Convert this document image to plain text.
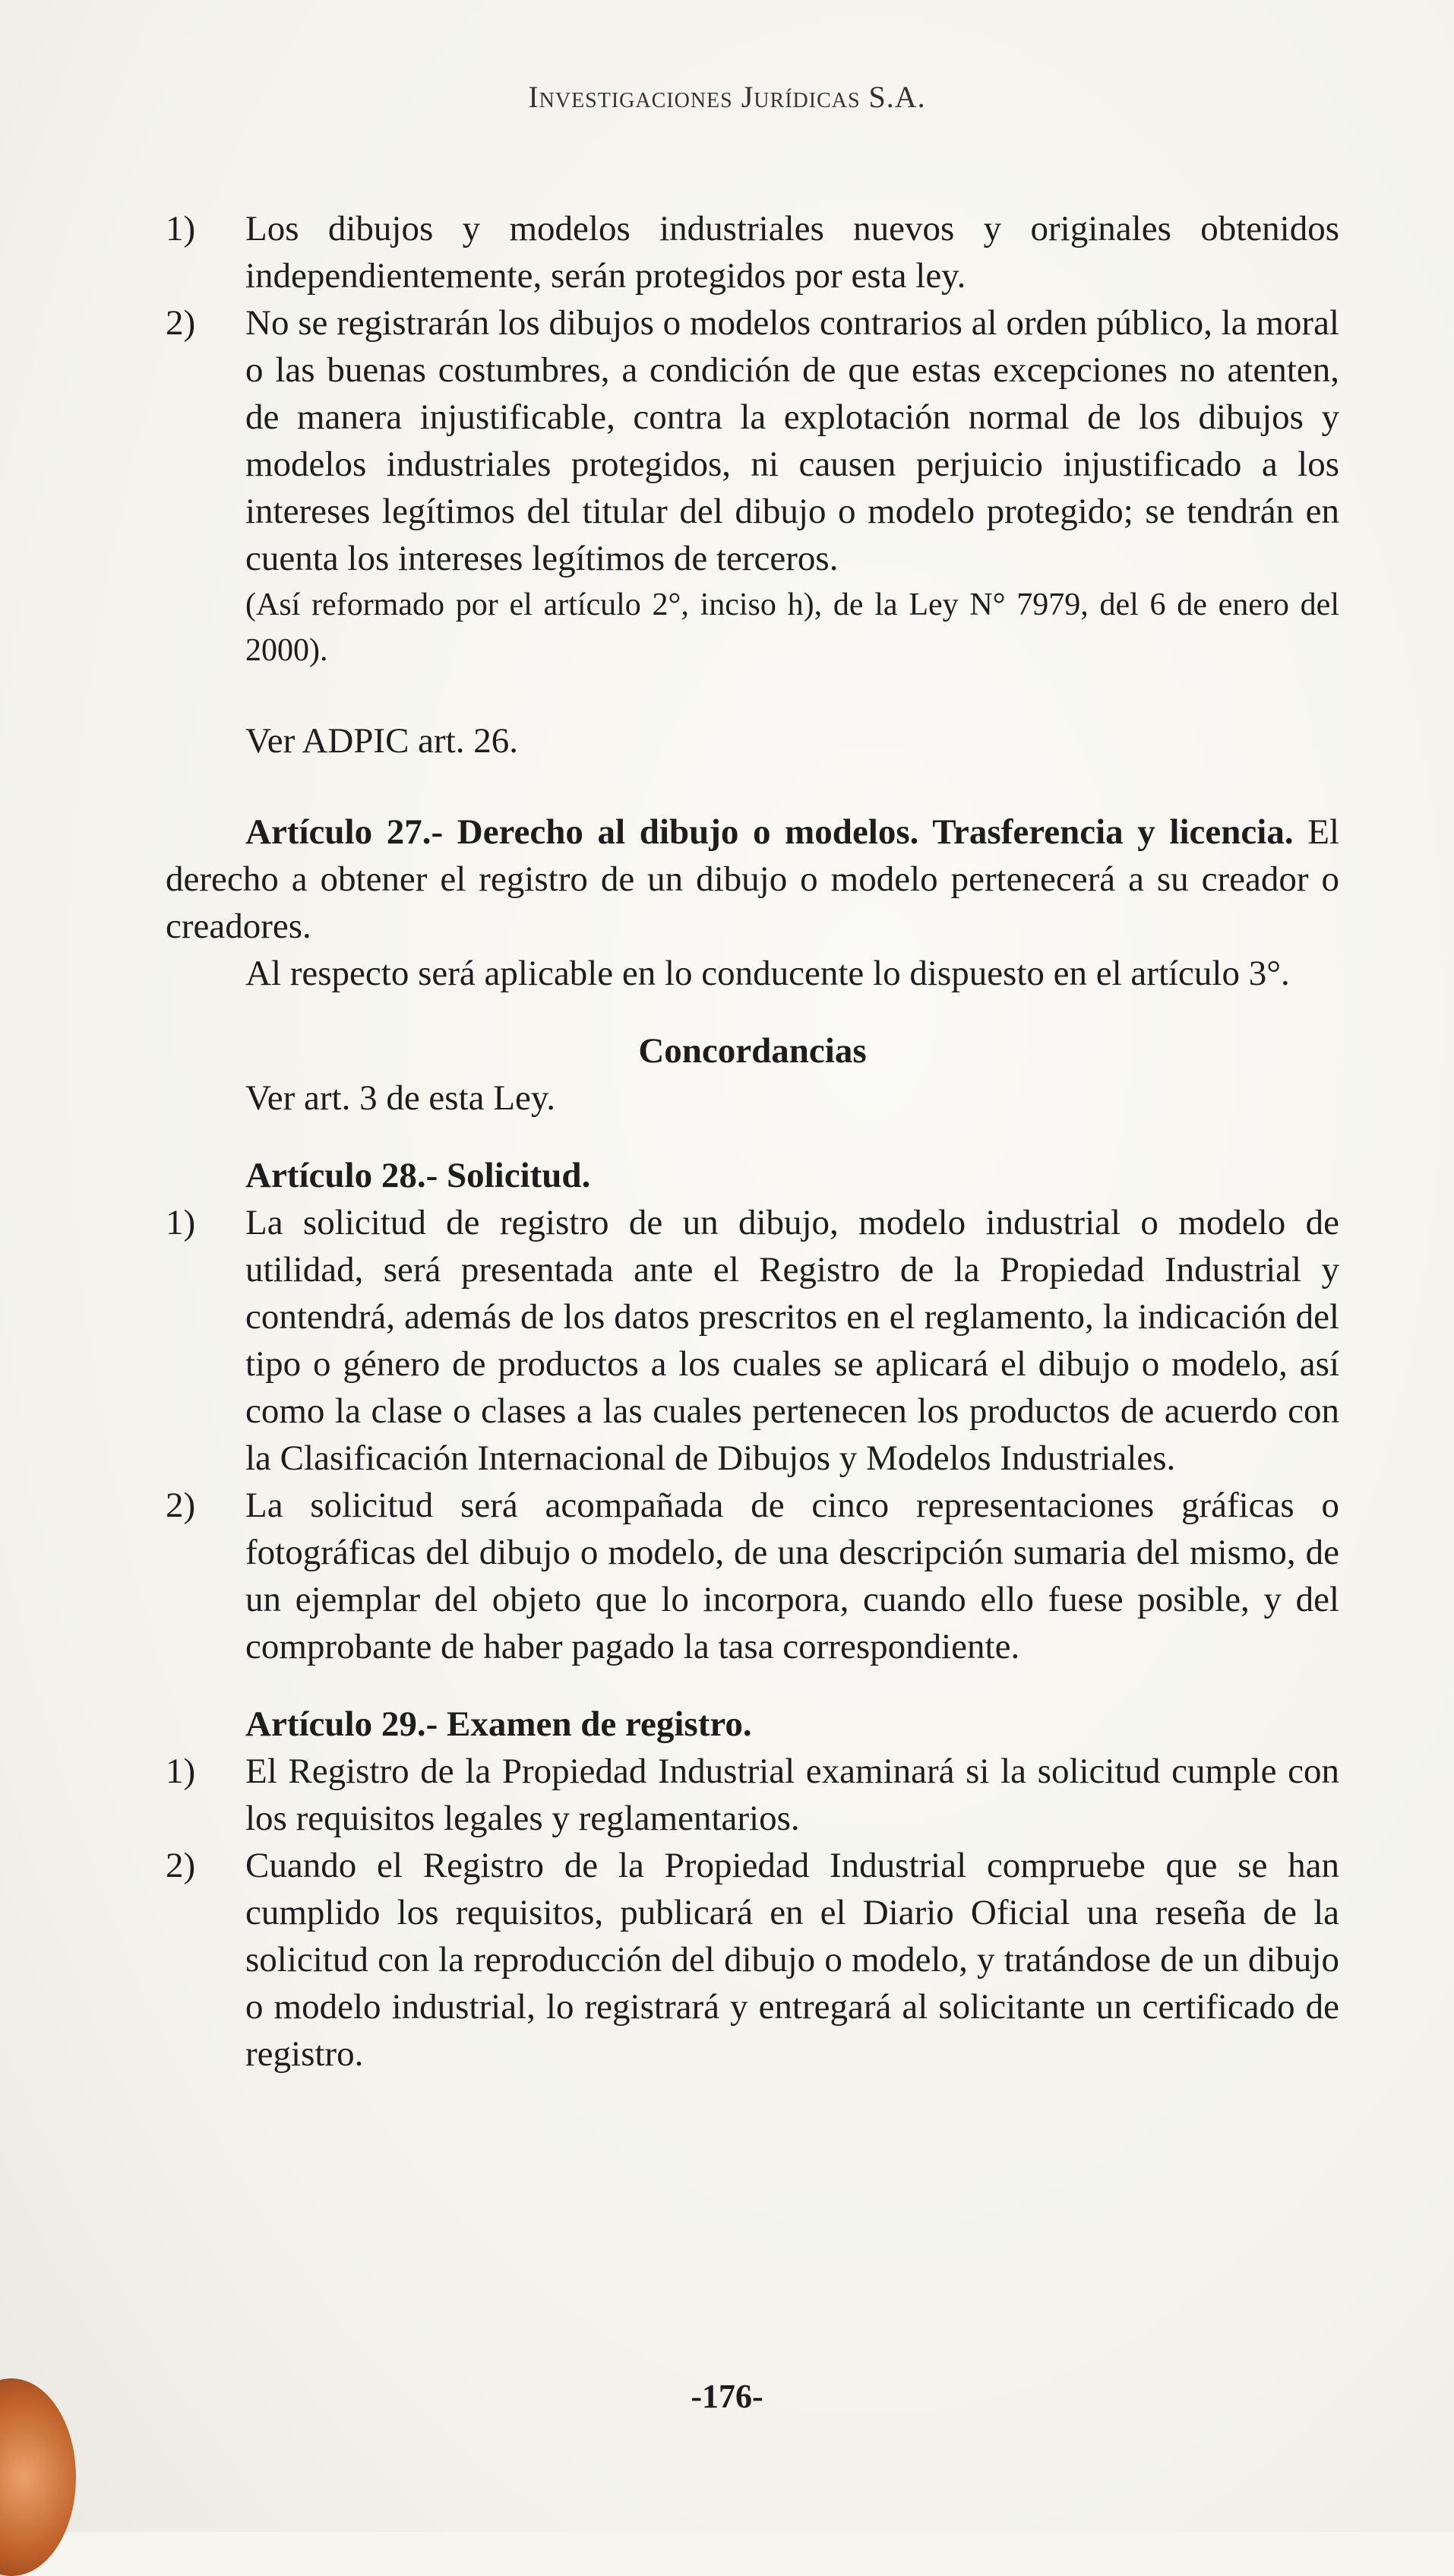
Investigaciones Jurídicas S.A.
1) Los dibujos y modelos industriales nuevos y originales obtenidos independientemente, serán protegidos por esta ley.
2) No se registrarán los dibujos o modelos contrarios al orden público, la moral o las buenas costumbres, a condición de que estas excepciones no atenten, de manera injustificable, contra la explotación normal de los dibujos y modelos industriales protegidos, ni causen perjuicio injustificado a los intereses legítimos del titular del dibujo o modelo protegido; se tendrán en cuenta los intereses legítimos de terceros.
(Así reformado por el artículo 2°, inciso h), de la Ley N° 7979, del 6 de enero del 2000).
Ver ADPIC art. 26.
Artículo 27.- Derecho al dibujo o modelos. Trasferencia y licencia. El derecho a obtener el registro de un dibujo o modelo pertenecerá a su creador o creadores.
Al respecto será aplicable en lo conducente lo dispuesto en el artículo 3°.
Concordancias
Ver art. 3 de esta Ley.
Artículo 28.- Solicitud.
1) La solicitud de registro de un dibujo, modelo industrial o modelo de utilidad, será presentada ante el Registro de la Propiedad Industrial y contendrá, además de los datos prescritos en el reglamento, la indicación del tipo o género de productos a los cuales se aplicará el dibujo o modelo, así como la clase o clases a las cuales pertenecen los productos de acuerdo con la Clasificación Internacional de Dibujos y Modelos Industriales.
2) La solicitud será acompañada de cinco representaciones gráficas o fotográficas del dibujo o modelo, de una descripción sumaria del mismo, de un ejemplar del objeto que lo incorpora, cuando ello fuese posible, y del comprobante de haber pagado la tasa correspondiente.
Artículo 29.- Examen de registro.
1) El Registro de la Propiedad Industrial examinará si la solicitud cumple con los requisitos legales y reglamentarios.
2) Cuando el Registro de la Propiedad Industrial compruebe que se han cumplido los requisitos, publicará en el Diario Oficial una reseña de la solicitud con la reproducción del dibujo o modelo, y tratándose de un dibujo o modelo industrial, lo registrará y entregará al solicitante un certificado de registro.
-176-
